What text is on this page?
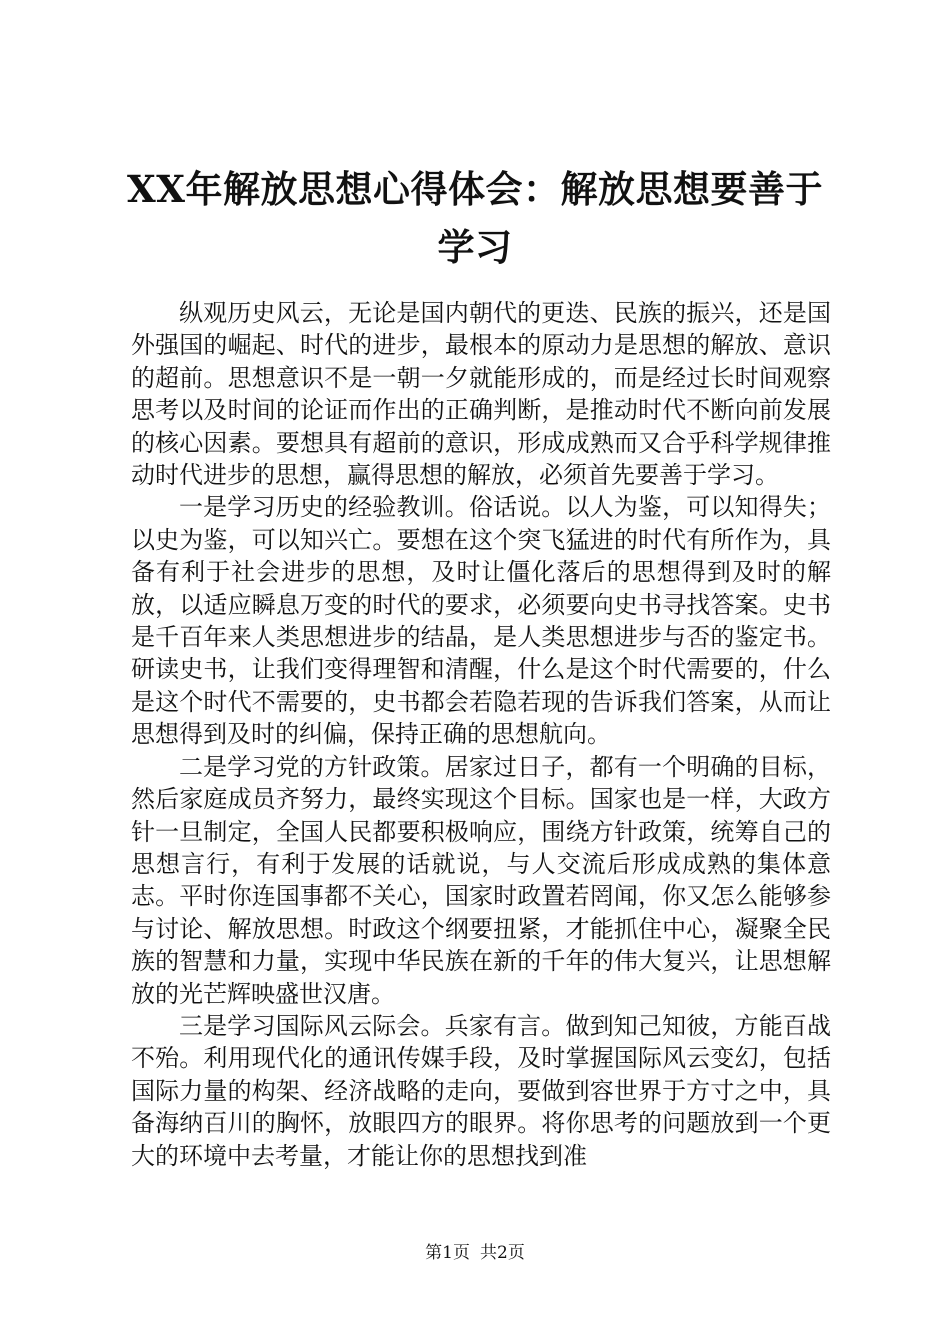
XX年解放思想心得体会：解放思想要善于学习

纵观历史风云，无论是国内朝代的更迭、民族的振兴，还是国外强国的崛起、时代的进步，最根本的原动力是思想的解放、意识的超前。思想意识不是一朝一夕就能形成的，而是经过长时间观察思考以及时间的论证而作出的正确判断，是推动时代不断向前发展的核心因素。要想具有超前的意识，形成成熟而又合乎科学规律推动时代进步的思想，赢得思想的解放，必须首先要善于学习。

一是学习历史的经验教训。俗话说。以人为鉴，可以知得失；以史为鉴，可以知兴亡。要想在这个突飞猛进的时代有所作为，具备有利于社会进步的思想，及时让僵化落后的思想得到及时的解放，以适应瞬息万变的时代的要求，必须要向史书寻找答案。史书是千百年来人类思想进步的结晶，是人类思想进步与否的鉴定书。研读史书，让我们变得理智和清醒，什么是这个时代需要的，什么是这个时代不需要的，史书都会若隐若现的告诉我们答案，从而让思想得到及时的纠偏，保持正确的思想航向。

二是学习党的方针政策。居家过日子，都有一个明确的目标，然后家庭成员齐努力，最终实现这个目标。国家也是一样，大政方针一旦制定，全国人民都要积极响应，围绕方针政策，统筹自己的思想言行，有利于发展的话就说，与人交流后形成成熟的集体意志。平时你连国事都不关心，国家时政置若罔闻，你又怎么能够参与讨论、解放思想。时政这个纲要扭紧，才能抓住中心，凝聚全民族的智慧和力量，实现中华民族在新的千年的伟大复兴，让思想解放的光芒辉映盛世汉唐。

三是学习国际风云际会。兵家有言。做到知己知彼，方能百战不殆。利用现代化的通讯传媒手段，及时掌握国际风云变幻，包括国际力量的构架、经济战略的走向，要做到容世界于方寸之中，具备海纳百川的胸怀，放眼四方的眼界。将你思考的问题放到一个更大的环境中去考量，才能让你的思想找到准

第1页 共2页
